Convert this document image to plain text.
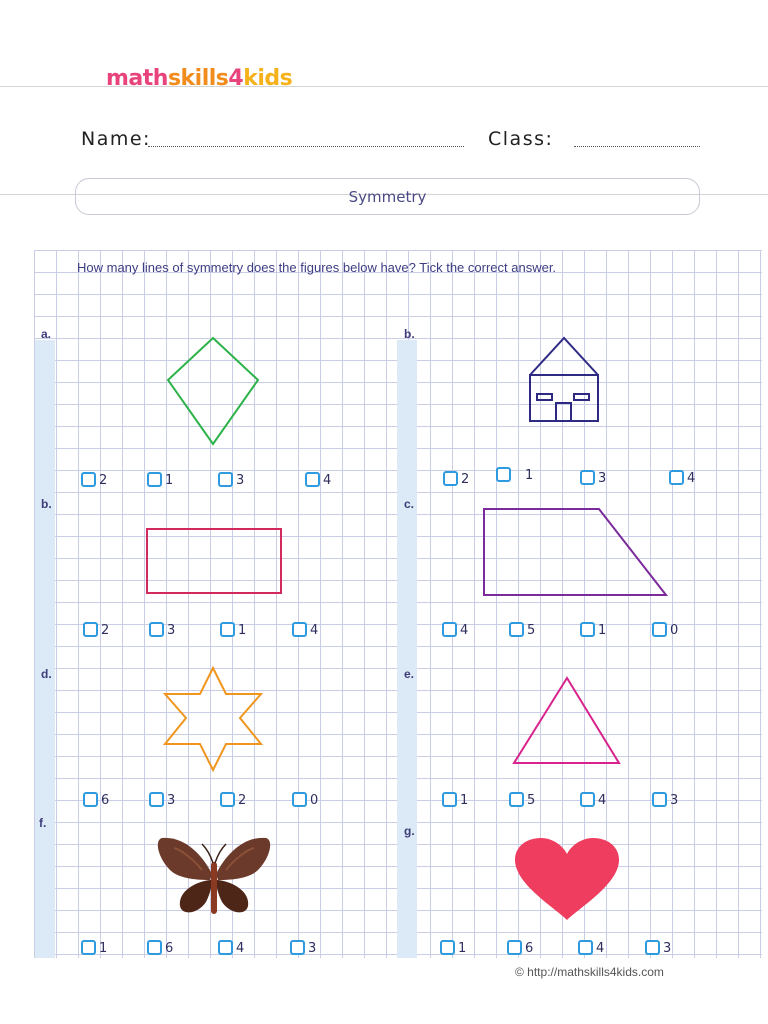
mathskills4kids
Name:	Class:
Symmetry
How many lines of symmetry does the figures below have? Tick the correct answer.
a.	b.
b.	c.
d.	e.
f.
g.
2	1	3	4	2	1	3	4
2	3	1	4	4	5	1	0
6	3	2	0	1	5	4	3
1	6	4	3	1	6	4	3
© http://mathskills4kids.com
